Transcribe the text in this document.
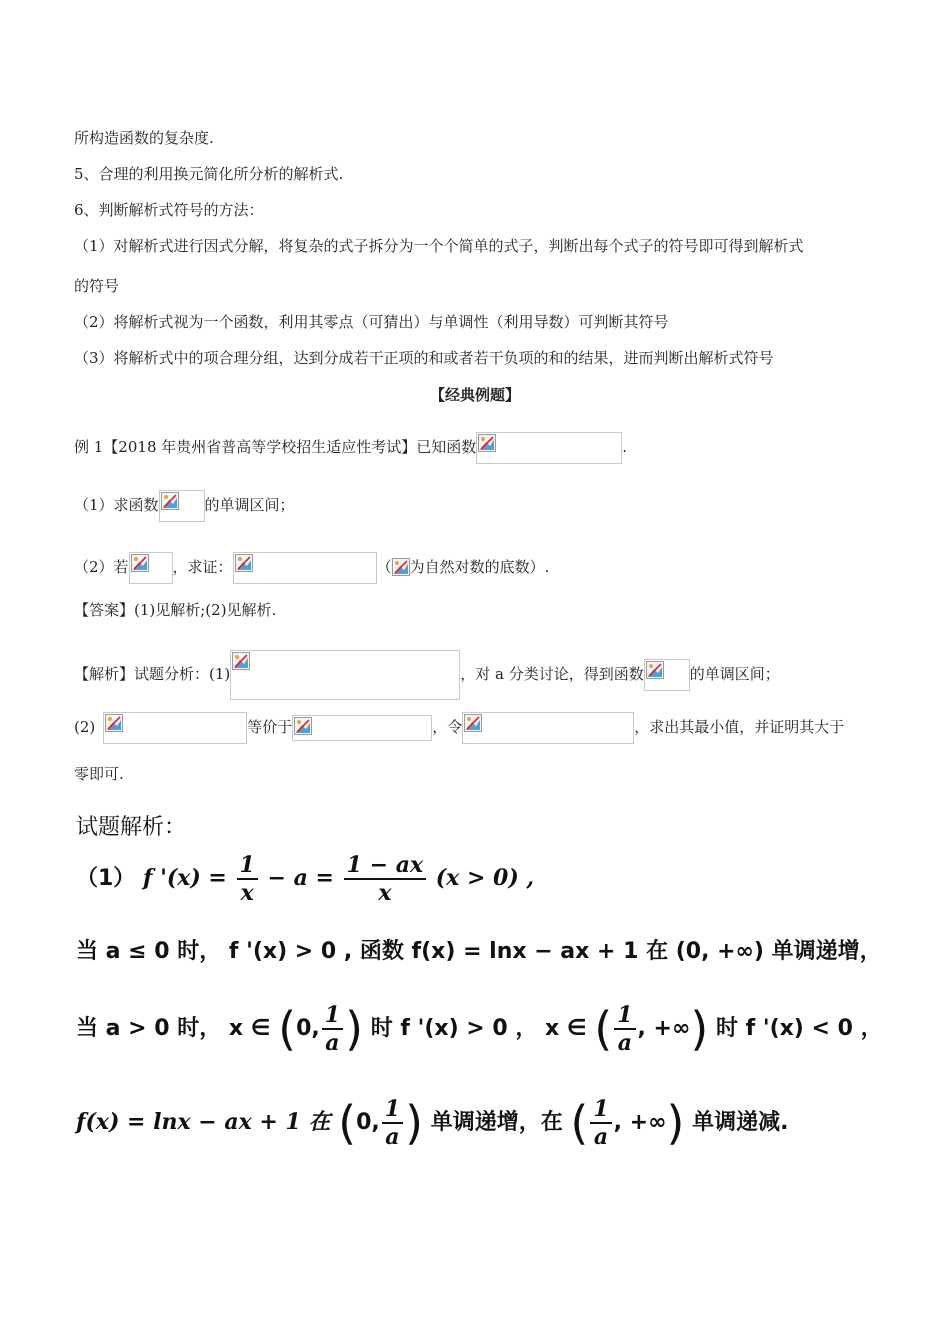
所构造函数的复杂度.
5、合理的利用换元简化所分析的解析式.
6、判断解析式符号的方法：
（1）对解析式进行因式分解，将复杂的式子拆分为一个个简单的式子，判断出每个式子的符号即可得到解析式
的符号
（2）将解析式视为一个函数，利用其零点（可猜出）与单调性（利用导数）可判断其符号
（3）将解析式中的项合理分组，达到分成若干正项的和或者若干负项的和的结果，进而判断出解析式符号
【经典例题】
例 1【2018 年贵州省普高等学校招生适应性考试】已知函数	.
（1）求函数	的单调区间；
（2）若	，求证：	（ 为自然对数的底数）.
【答案】(1)见解析;(2)见解析.
【解析】试题分析：(1)	，对 a 分类讨论，得到函数	的单调区间；
(2)	等价于	，令	，求出其最小值，并证明其大于
零即可.
试题解析：
（1） f '$(x) = \frac{1}{x} - a = \frac{1 - ax}{x} (x > 0)$ ,
当 a ≤ 0 时， f '(x) > 0 , 函数 f(x) = lnx − ax + 1 在 (0, +∞) 单调递增，
当 a > 0 时， x ∈ (0, $\frac{1}{a}$ ) 时 f '(x) > 0 ， x ∈ ( $\frac{1}{a}$ , +∞) 时 f '(x) < 0 ，
f(x) = lnx − ax + 1 在 (0, $\frac{1}{a}$ ) 单调递增，在 ( $\frac{1}{a}$ , +∞) 单调递减.
